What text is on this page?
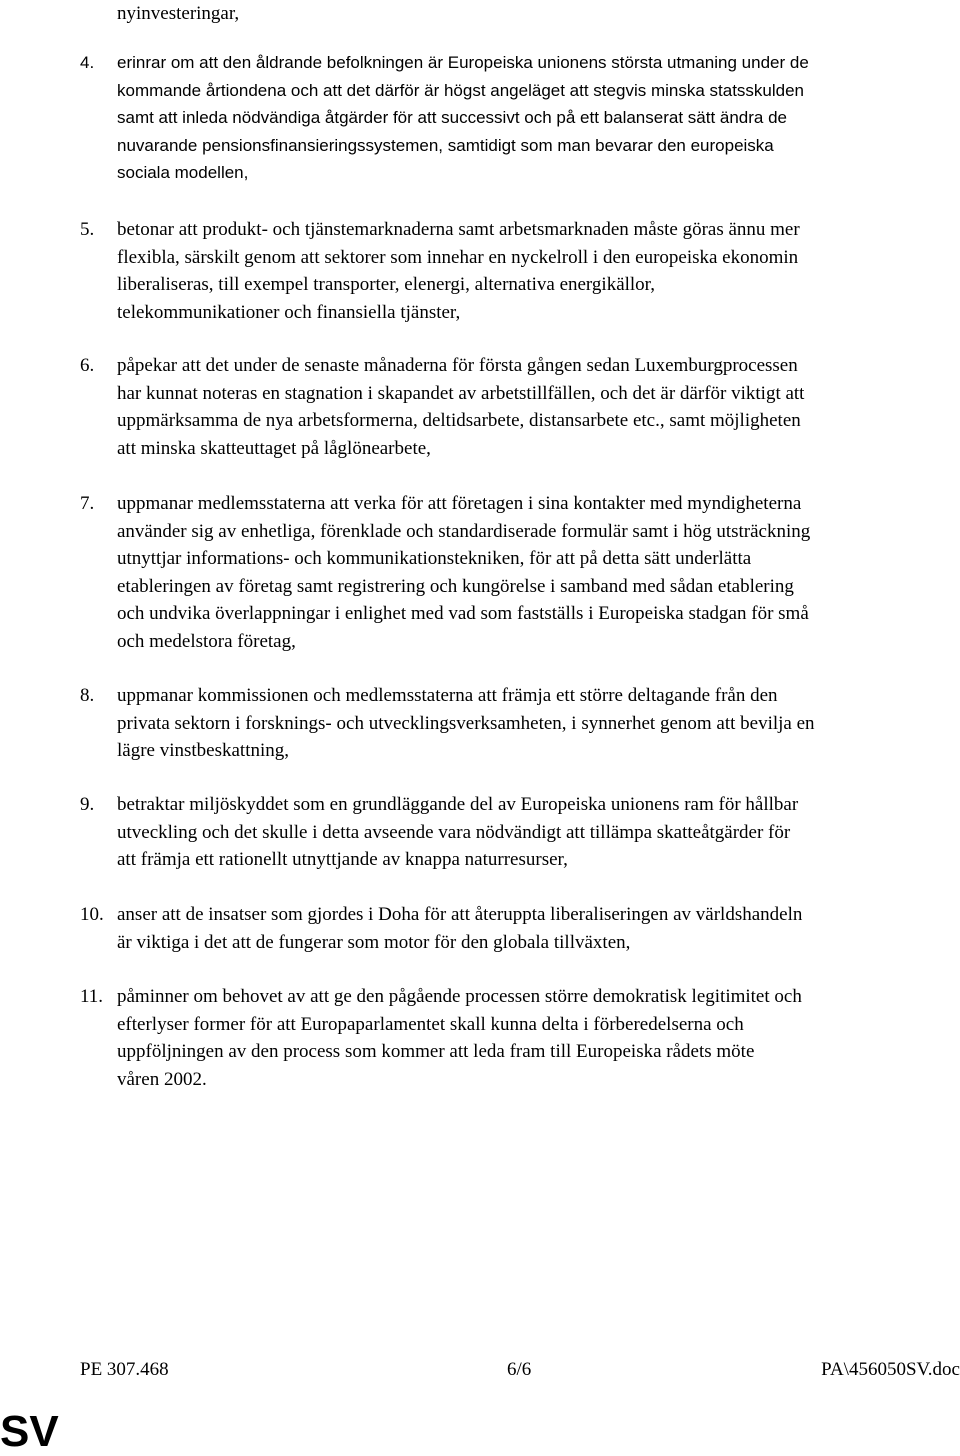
nyinvesteringar,

4. erinrar om att den åldrande befolkningen är Europeiska unionens största utmaning under de
kommande årtiondena och att det därför är högst angeläget att stegvis minska statsskulden
samt att inleda nödvändiga åtgärder för att successivt och på ett balanserat sätt ändra de
nuvarande pensionsfinansieringssystemen, samtidigt som man bevarar den europeiska
sociala modellen,

5. betonar att produkt- och tjänstemarknaderna samt arbetsmarknaden måste göras ännu mer
flexibla, särskilt genom att sektorer som innehar en nyckelroll i den europeiska ekonomin
liberaliseras, till exempel transporter, elenergi, alternativa energikällor,
telekommunikationer och finansiella tjänster,

6. påpekar att det under de senaste månaderna för första gången sedan Luxemburgprocessen
har kunnat noteras en stagnation i skapandet av arbetstillfällen, och det är därför viktigt att
uppmärksamma de nya arbetsformerna, deltidsarbete, distansarbete etc., samt möjligheten
att minska skatteuttaget på låglönearbete,

7. uppmanar medlemsstaterna att verka för att företagen i sina kontakter med myndigheterna
använder sig av enhetliga, förenklade och standardiserade formulär samt i hög utsträckning
utnyttjar informations- och kommunikationstekniken, för att på detta sätt underlätta
etableringen av företag samt registrering och kungörelse i samband med sådan etablering
och undvika överlappningar i enlighet med vad som fastställs i Europeiska stadgan för små
och medelstora företag,

8. uppmanar kommissionen och medlemsstaterna att främja ett större deltagande från den
privata sektorn i forsknings- och utvecklingsverksamheten, i synnerhet genom att bevilja en
lägre vinstbeskattning,

9. betraktar miljöskyddet som en grundläggande del av Europeiska unionens ram för hållbar
utveckling och det skulle i detta avseende vara nödvändigt att tillämpa skatteåtgärder för
att främja ett rationellt utnyttjande av knappa naturresurser,

10. anser att de insatser som gjordes i Doha för att återuppta liberaliseringen av världshandeln
är viktiga i det att de fungerar som motor för den globala tillväxten,

11. påminner om behovet av att ge den pågående processen större demokratisk legitimitet och
efterlyser former för att Europaparlamentet skall kunna delta i förberedelserna och
uppföljningen av den process som kommer att leda fram till Europeiska rådets möte
våren 2002.

PE 307.468	6/6	PA\456050SV.doc
SV
